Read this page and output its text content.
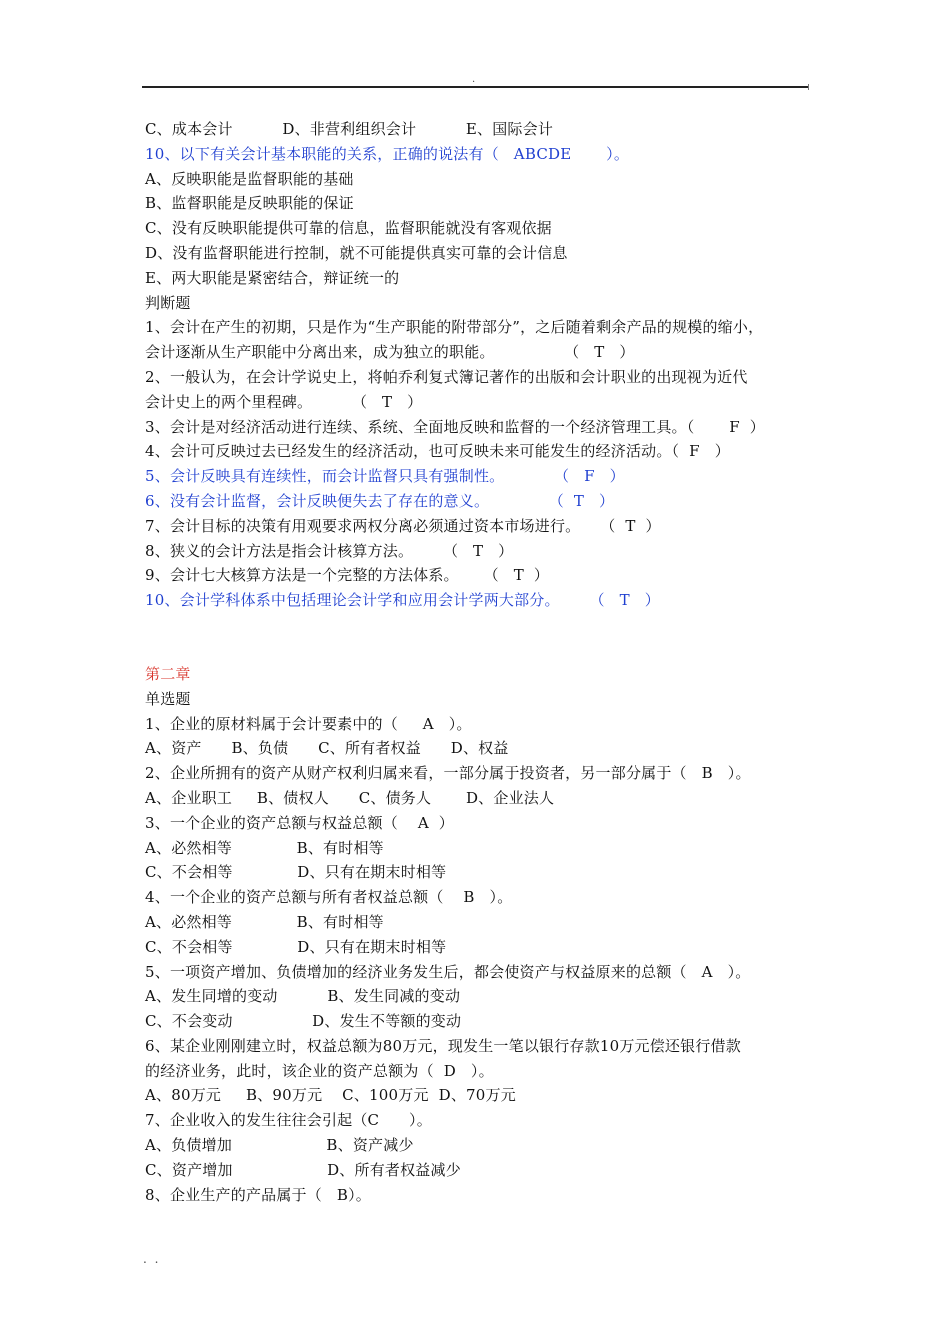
.
C、成本会计          D、非营利组织会计          E、国际会计
10、以下有关会计基本职能的关系，正确的说法有（   ABCDE       ）。
A、反映职能是监督职能的基础
B、监督职能是反映职能的保证
C、没有反映职能提供可靠的信息，监督职能就没有客观依据
D、没有监督职能进行控制，就不可能提供真实可靠的会计信息
E、两大职能是紧密结合，辩证统一的
判断题
1、会计在产生的初期，只是作为“生产职能的附带部分”，之后随着剩余产品的规模的缩小，
会计逐渐从生产职能中分离出来，成为独立的职能。              （   T   ）
2、一般认为，在会计学说史上，将帕乔利复式簿记著作的出版和会计职业的出现视为近代
会计史上的两个里程碑。        （   T   ）
3、会计是对经济活动进行连续、系统、全面地反映和监督的一个经济管理工具。（       F  ）
4、会计可反映过去已经发生的经济活动，也可反映未来可能发生的经济活动。（  F   ）
5、会计反映具有连续性，而会计监督只具有强制性。          （   F   ）
6、没有会计监督，会计反映便失去了存在的意义。            （  T   ）
7、会计目标的决策有用观要求两权分离必须通过资本市场进行。    （  T  ）
8、狭义的会计方法是指会计核算方法。      （   T   ）
9、会计七大核算方法是一个完整的方法体系。     （   T  ）
10、会计学科体系中包括理论会计学和应用会计学两大部分。      （   T   ）
第二章
单选题
1、企业的原材料属于会计要素中的（     A   ）。
A、资产      B、负债      C、所有者权益      D、权益
2、企业所拥有的资产从财产权利归属来看，一部分属于投资者，另一部分属于（   B   ）。
A、企业职工     B、债权人      C、债务人       D、企业法人
3、一个企业的资产总额与权益总额（    A  ）
A、必然相等             B、有时相等
C、不会相等             D、只有在期末时相等
4、一个企业的资产总额与所有者权益总额（    B   ）。
A、必然相等             B、有时相等
C、不会相等             D、只有在期末时相等
5、一项资产增加、负债增加的经济业务发生后，都会使资产与权益原来的总额（   A   ）。
A、发生同增的变动          B、发生同减的变动
C、不会变动                D、发生不等额的变动
6、某企业刚刚建立时，权益总额为80万元，现发生一笔以银行存款10万元偿还银行借款
的经济业务，此时，该企业的资产总额为（  D   ）。
A、80万元     B、90万元    C、100万元  D、70万元
7、企业收入的发生往往会引起（C      ）。
A、负债增加                   B、资产减少
C、资产增加                   D、所有者权益减少
8、企业生产的产品属于（   B）。
. .
